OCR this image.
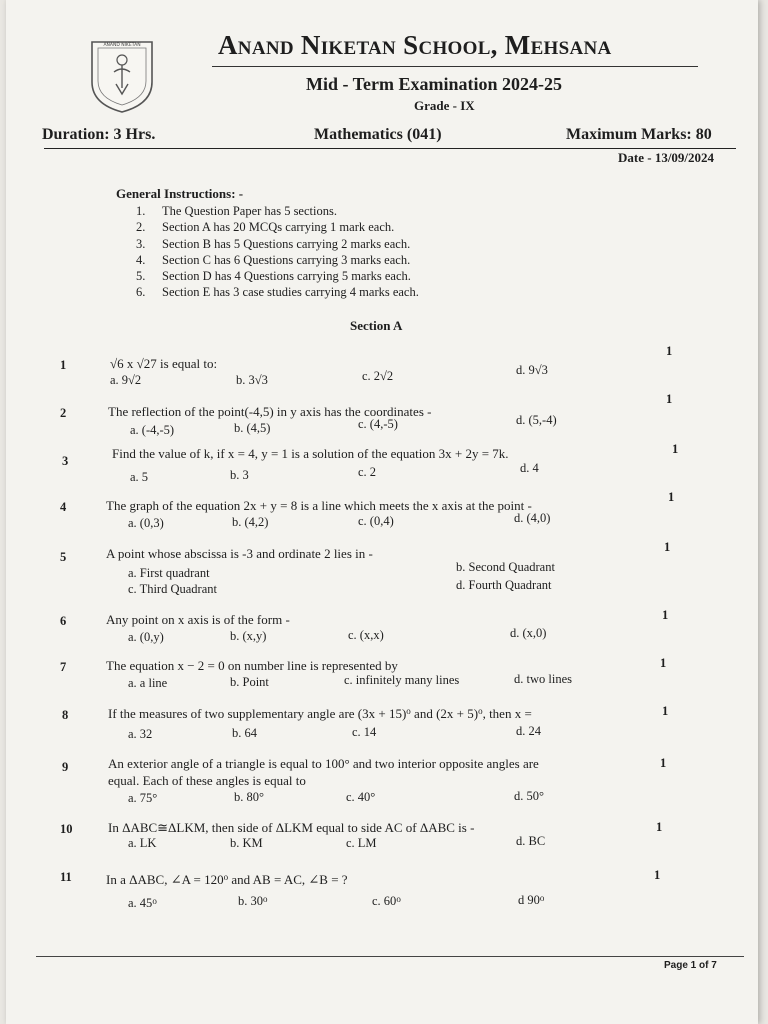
ANAND NIKETAN	Anand Niketan School, Mehsana
Mid - Term Examination 2024-25
Grade - IX
Duration: 3 Hrs.	Mathematics (041)	Maximum Marks: 80
Date - 13/09/2024
General Instructions: -
1. The Question Paper has 5 sections.
2. Section A has 20 MCQs carrying 1 mark each.
3. Section B has 5 Questions carrying 2 marks each.
4. Section C has 6 Questions carrying 3 marks each.
5. Section D has 4 Questions carrying 5 marks each.
6. Section E has 3 case studies carrying 4 marks each.
Section A
1
1	√6 x √27 is equal to:
a. 9√2	b. 3√3	c. 2√2	d. 9√3
1
2	The reflection of the point(-4,5) in y axis has the coordinates -
a. (-4,-5)	b. (4,5)	c. (4,-5)	d. (5,-4)
1
3	Find the value of k, if x = 4, y = 1 is a solution of the equation 3x + 2y = 7k.
a. 5	b. 3	c. 2	d. 4
1
4	The graph of the equation 2x + y = 8 is a line which meets the x axis at the point -
a. (0,3)	b. (4,2)	c. (0,4)	d. (4,0)
1
5	A point whose abscissa is -3 and ordinate 2 lies in -
a. First quadrant	b. Second Quadrant
c. Third Quadrant	d. Fourth Quadrant
1
6	Any point on x axis is of the form -
a. (0,y)	b. (x,y)	c. (x,x)	d. (x,0)
1
7	The equation x − 2 = 0 on number line is represented by
a. a line	b. Point	c. infinitely many lines	d. two lines
1
8	If the measures of two supplementary angle are $(3x + 15)^o$ and $(2x + 5)^o$, then x =
a. 32	b. 64	c. 14	d. 24
1
9	An exterior angle of a triangle is equal to 100° and two interior opposite angles are
equal. Each of these angles is equal to
a. 75°	b. 80°	c. 40°	d. 50°
1
10	In ΔABC≅ΔLKM, then side of ΔLKM equal to side AC of ΔABC is -
a. LK	b. KM	c. LM	d. BC
1
11	In a ΔABC, ∠A = $120^o$ and AB = AC, ∠B = ?
a. 45$^o$	b. 30$^o$	c. 60$^o$	d 90$^o$
Page 1 of 7
